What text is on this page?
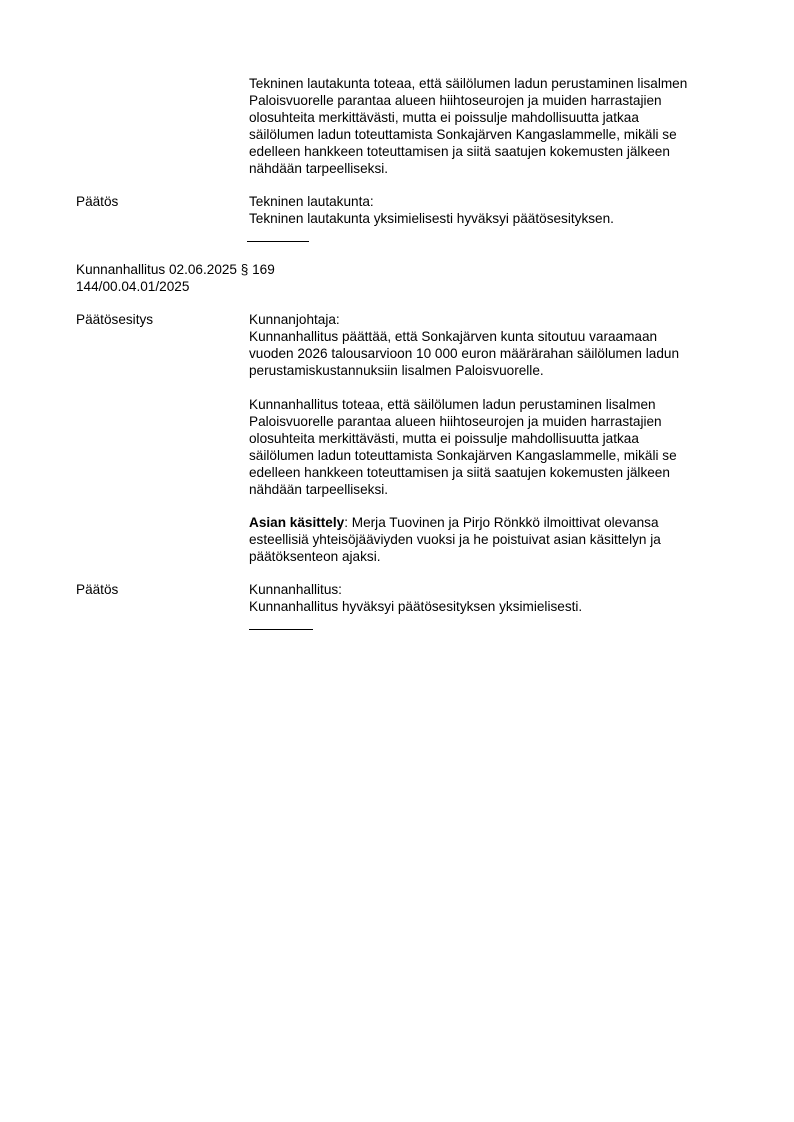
Tekninen lautakunta toteaa, että säilölumen ladun perustaminen lisalmen

Paloisvuorelle parantaa alueen hiihtoseurojen ja muiden harrastajien

olosuhteita merkittävästi, mutta ei poissulje mahdollisuutta jatkaa

säilölumen ladun toteuttamista Sonkajärven Kangaslammelle, mikäli se

edelleen hankkeen toteuttamisen ja siitä saatujen kokemusten jälkeen

nähdään tarpeelliseksi.

Päätös	Tekninen lautakunta:

Tekninen lautakunta yksimielisesti hyväksyi päätösesityksen.

Kunnanhallitus 02.06.2025 § 169

144/00.04.01/2025

Päätösesitys	Kunnanjohtaja:

Kunnanhallitus päättää, että Sonkajärven kunta sitoutuu varaamaan

vuoden 2026 talousarvioon 10 000 euron määrärahan säilölumen ladun

perustamiskustannuksiin lisalmen Paloisvuorelle.

Kunnanhallitus toteaa, että säilölumen ladun perustaminen lisalmen

Paloisvuorelle parantaa alueen hiihtoseurojen ja muiden harrastajien

olosuhteita merkittävästi, mutta ei poissulje mahdollisuutta jatkaa

säilölumen ladun toteuttamista Sonkajärven Kangaslammelle, mikäli se

edelleen hankkeen toteuttamisen ja siitä saatujen kokemusten jälkeen

nähdään tarpeelliseksi.

Asian käsittely: Merja Tuovinen ja Pirjo Rönkkö ilmoittivat olevansa

esteellisiä yhteisöjääviyden vuoksi ja he poistuivat asian käsittelyn ja

päätöksenteon ajaksi.

Päätös	Kunnanhallitus:

Kunnanhallitus hyväksyi päätösesityksen yksimielisesti.
